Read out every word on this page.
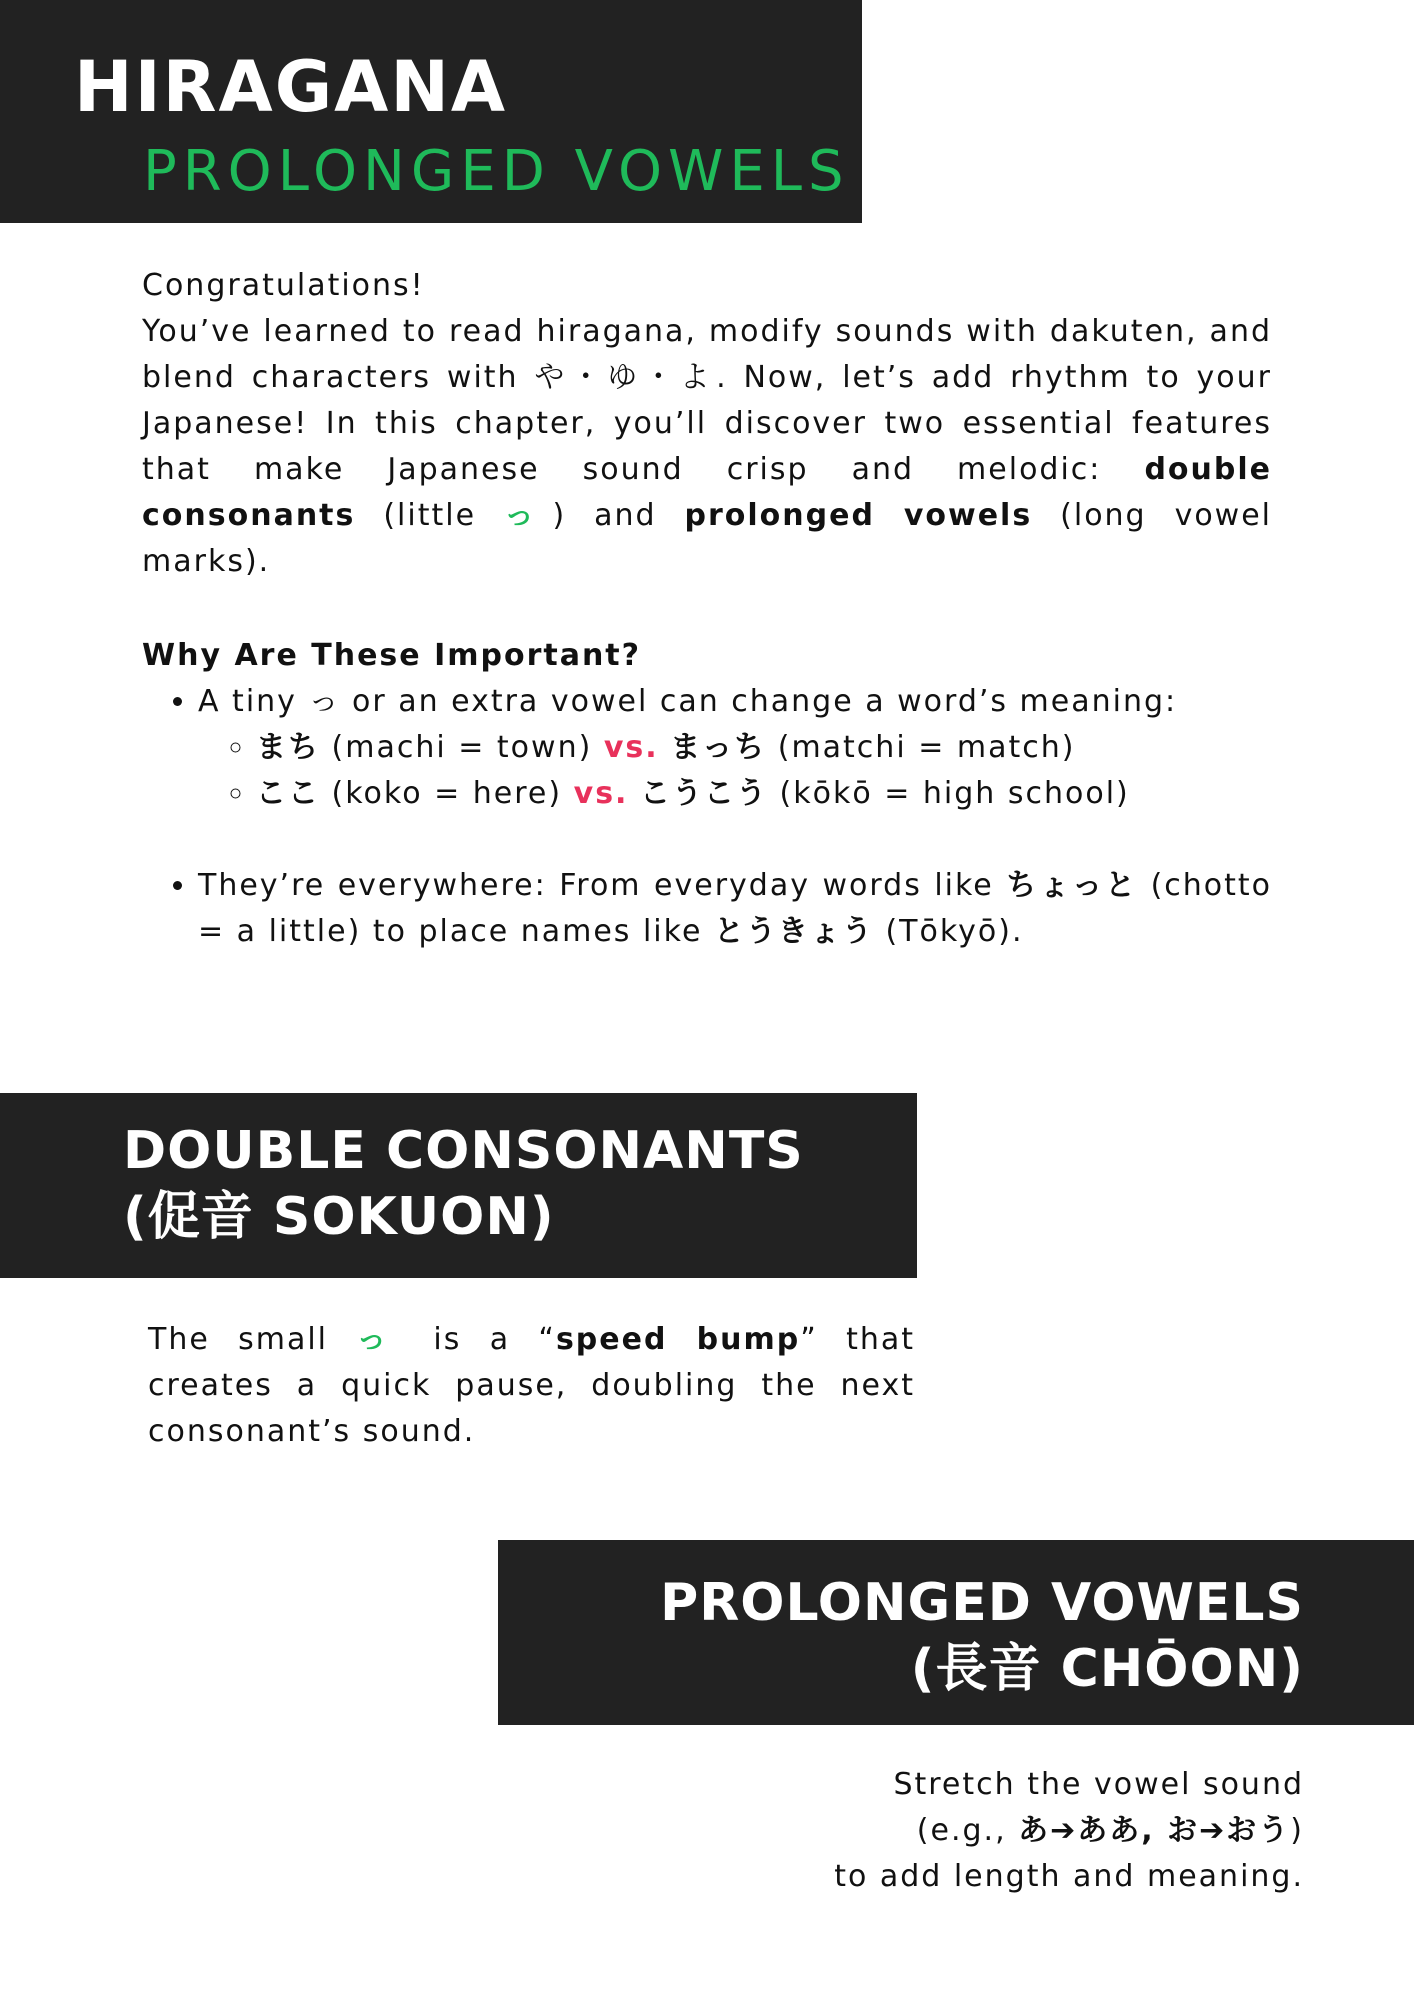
HIRAGANA
PROLONGED VOWELS
Congratulations!
You’ve learned to read hiragana, modify sounds with dakuten, and blend characters with や・ゆ・よ. Now, let’s add rhythm to your Japanese! In this chapter, you’ll discover two essential features that make Japanese sound crisp and melodic: double consonants (little っ) and prolonged vowels (long vowel marks).
Why Are These Important?
• A tiny っ or an extra vowel can change a word’s meaning:
◦ まち (machi = town) vs. まっち (matchi = match)
◦ ここ (koko = here) vs. こうこう (kōkō = high school)
• They’re everywhere: From everyday words like ちょっと (chotto = a little) to place names like とうきょう (Tōkyō).
DOUBLE CONSONANTS
(促音 SOKUON)
The small っ is a “speed bump” that creates a quick pause, doubling the next consonant’s sound.
PROLONGED VOWELS
(長音 CHŌON)
Stretch the vowel sound
(e.g., あ➔ああ, お➔おう)
to add length and meaning.
